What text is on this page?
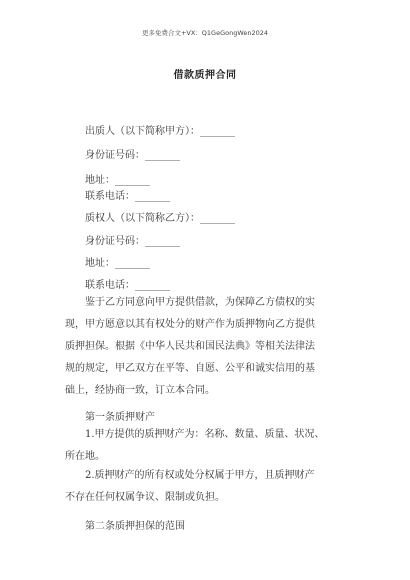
更多免费合文+VX：Q1GeGongWen2024
借款质押合同
出质人（以下简称甲方）：_______
身份证号码：_______
地址：_______
联系电话：_______
质权人（以下简称乙方）：_______
身份证号码：_______
地址：_______
联系电话：_______
鉴于乙方同意向甲方提供借款，为保障乙方债权的实
现，甲方愿意以其有权处分的财产作为质押物向乙方提供
质押担保。根据《中华人民共和国民法典》等相关法律法
规的规定，甲乙双方在平等、自愿、公平和诚实信用的基
础上，经协商一致，订立本合同。
第一条质押财产
1.甲方提供的质押财产为：名称、数量、质量、状况、
所在地。
2.质押财产的所有权或处分权属于甲方，且质押财产
不存在任何权属争议、限制或负担。
第二条质押担保的范围
